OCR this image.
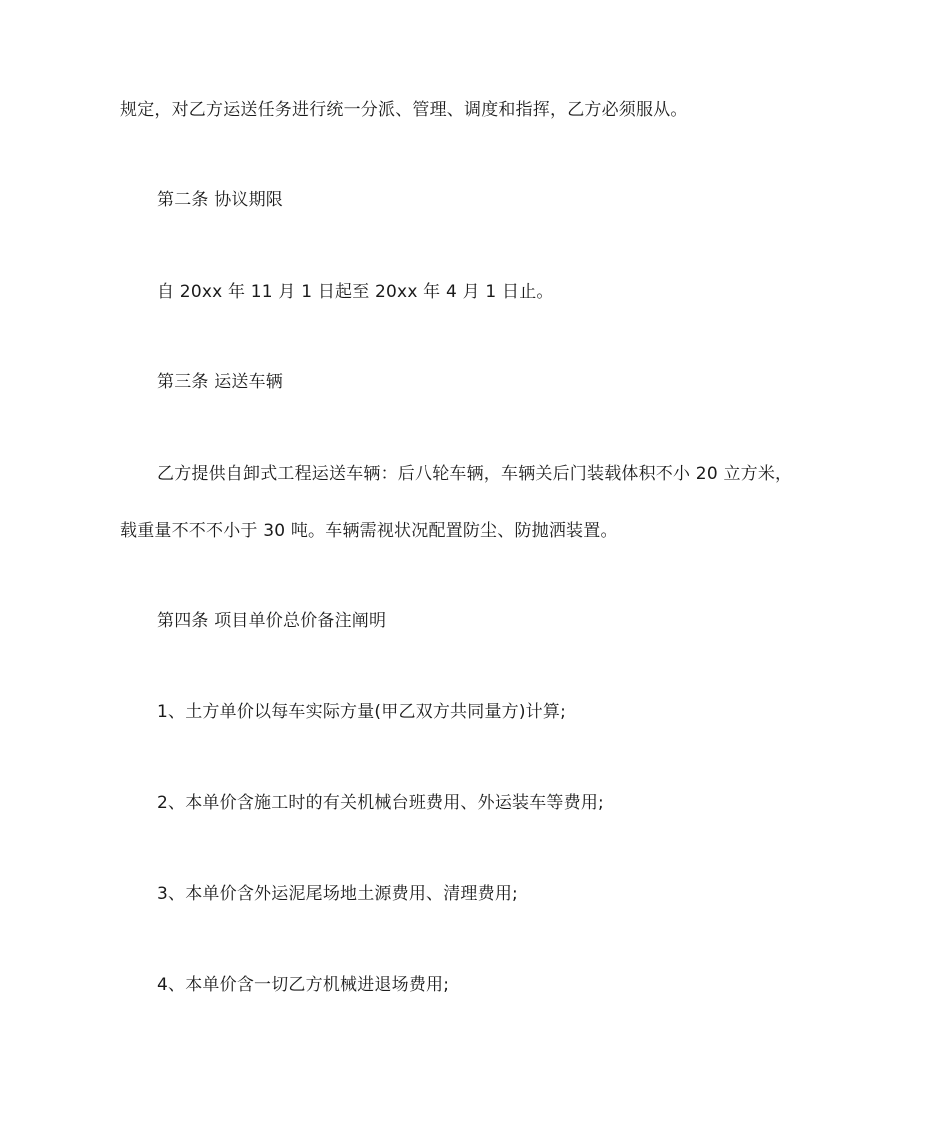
规定，对乙方运送任务进行统一分派、管理、调度和指挥，乙方必须服从。
第二条 协议期限
自 20xx 年 11 月 1 日起至 20xx 年 4 月 1 日止。
第三条 运送车辆
乙方提供自卸式工程运送车辆：后八轮车辆，车辆关后门装载体积不小 20 立方米，
载重量不不不小于 30 吨。车辆需视状况配置防尘、防抛洒装置。
第四条 项目单价总价备注阐明
1、土方单价以每车实际方量(甲乙双方共同量方)计算;
2、本单价含施工时的有关机械台班费用、外运装车等费用;
3、本单价含外运泥尾场地土源费用、清理费用;
4、本单价含一切乙方机械进退场费用;
